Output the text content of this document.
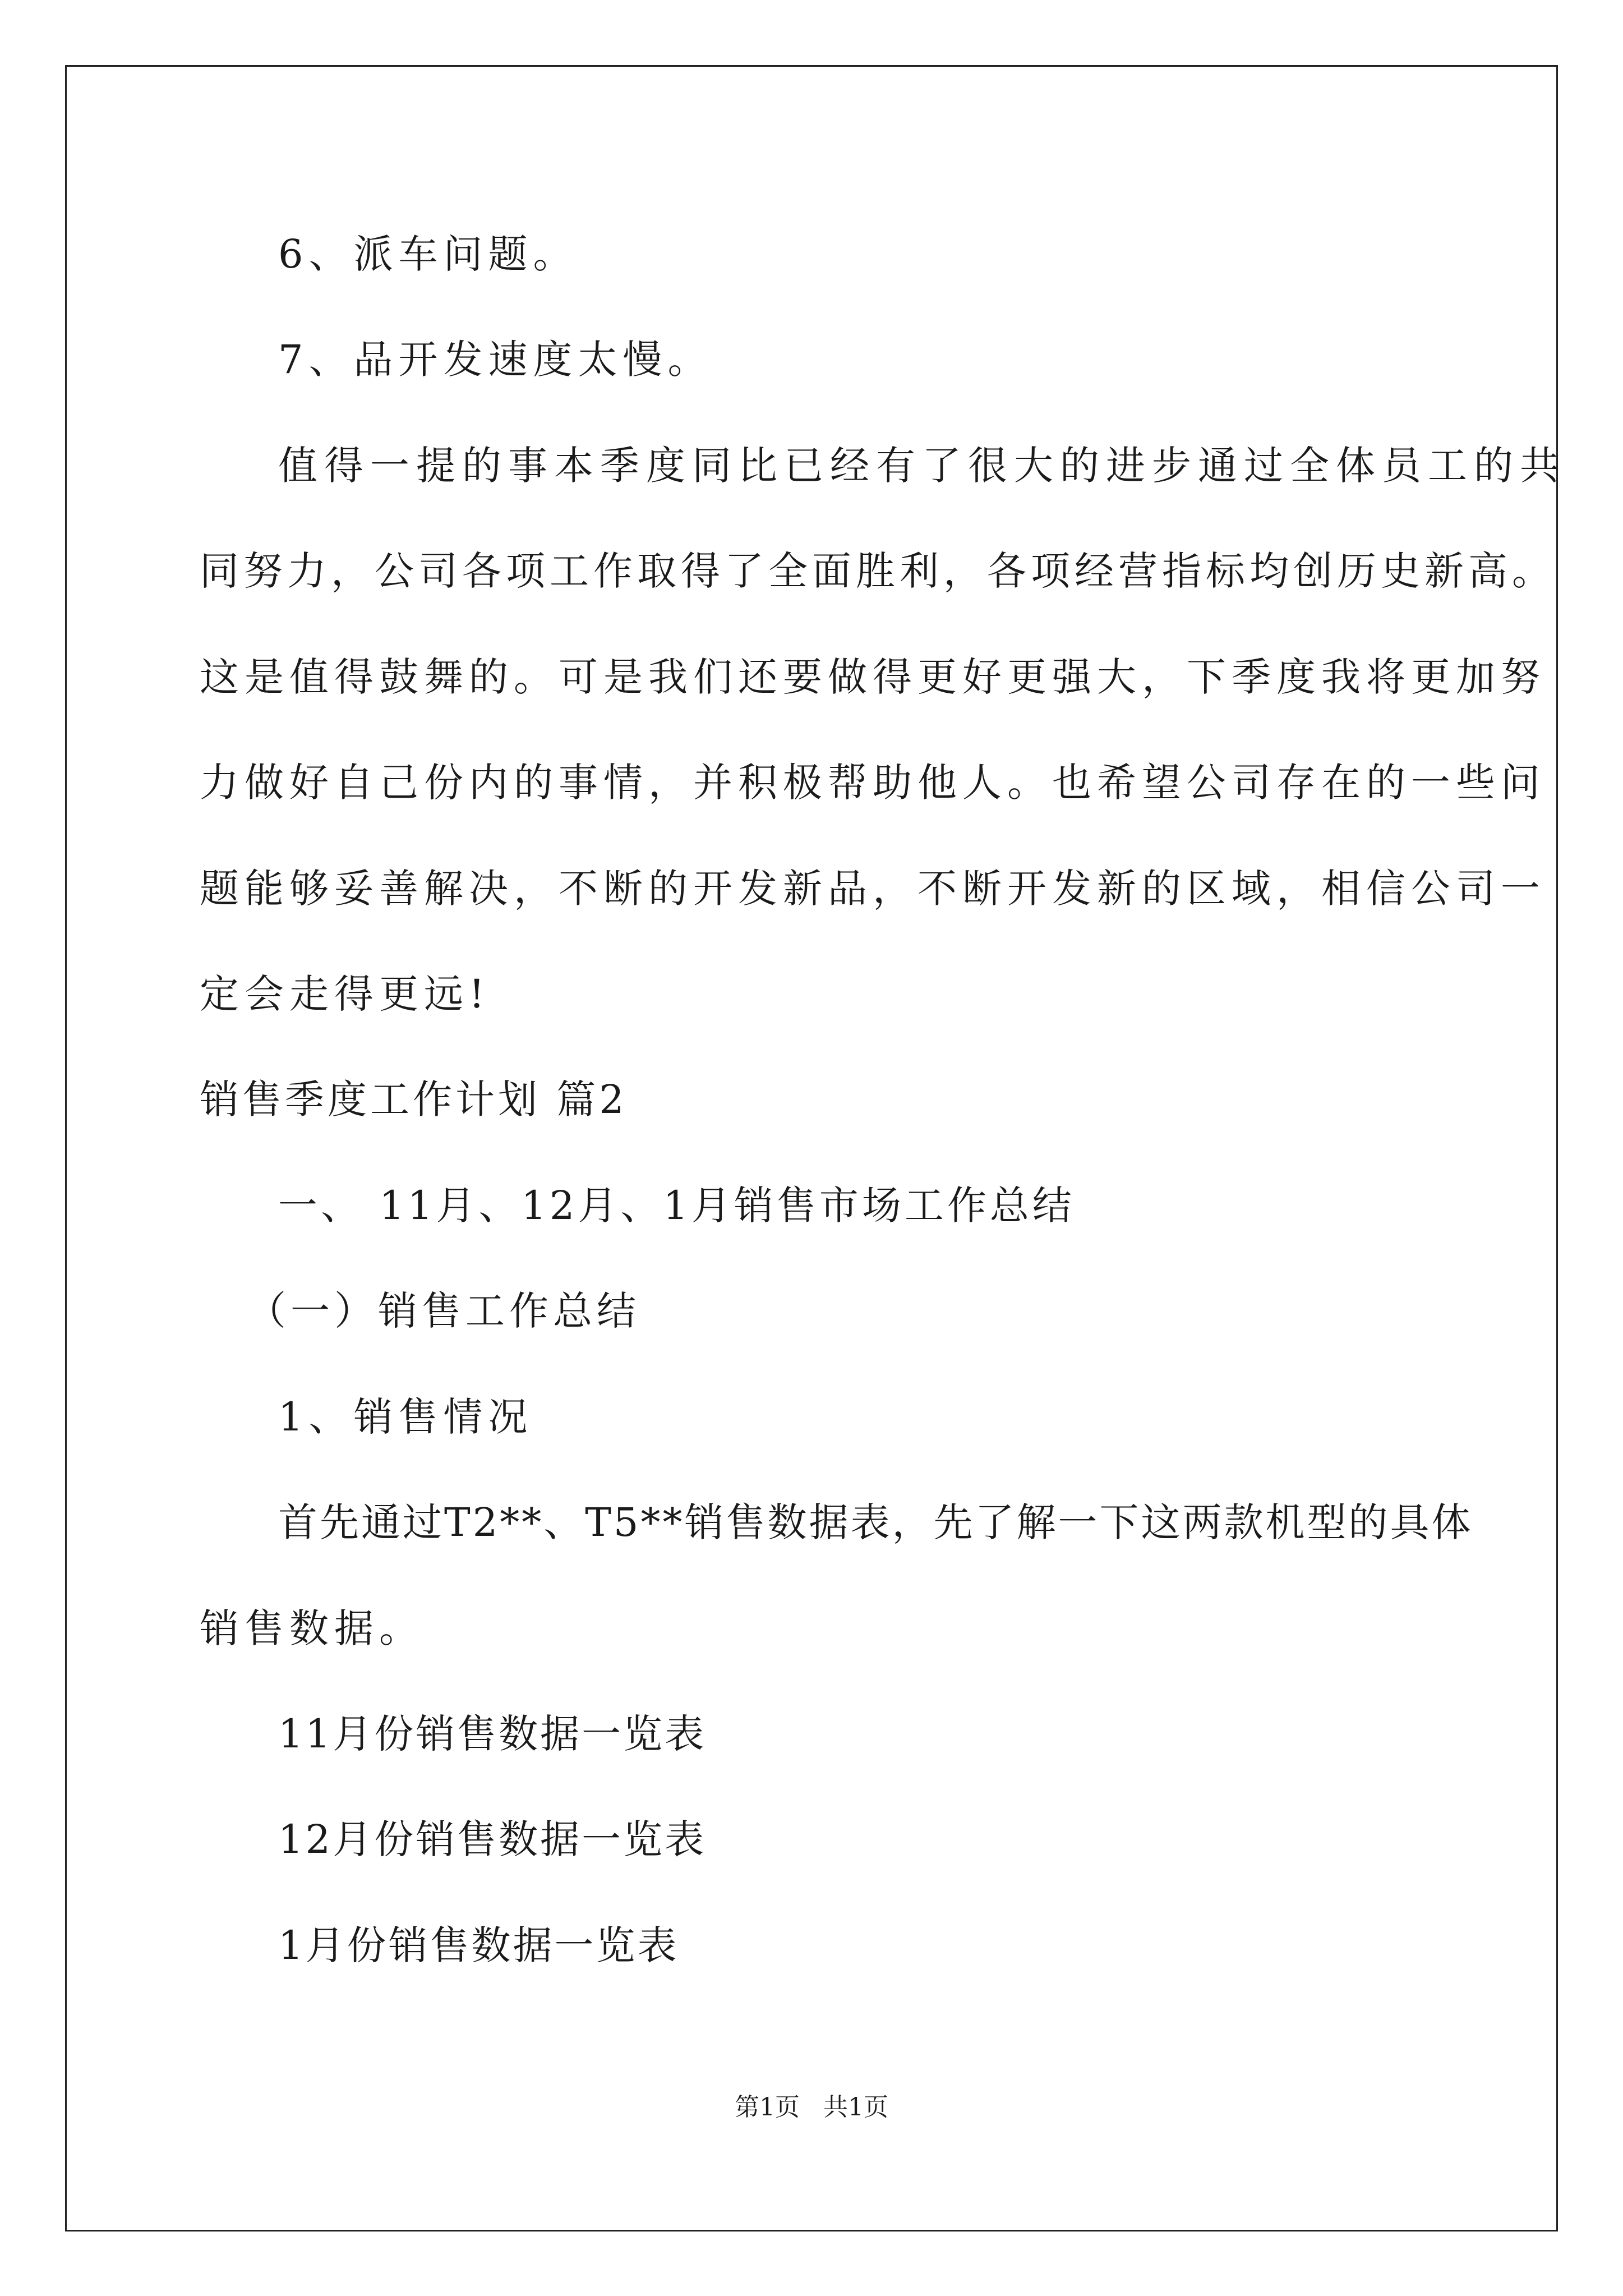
6、派车问题。
7、品开发速度太慢。
值得一提的事本季度同比已经有了很大的进步通过全体员工的共
同努力，公司各项工作取得了全面胜利，各项经营指标均创历史新高。
这是值得鼓舞的。可是我们还要做得更好更强大，下季度我将更加努
力做好自己份内的事情，并积极帮助他人。也希望公司存在的一些问
题能够妥善解决，不断的开发新品，不断开发新的区域，相信公司一
定会走得更远!
销售季度工作计划 篇2
一、 11月、12月、1月销售市场工作总结
（一）销售工作总结
1、销售情况
首先通过T2**、T5**销售数据表，先了解一下这两款机型的具体
销售数据。
11月份销售数据一览表
12月份销售数据一览表
1月份销售数据一览表
第1页   共1页
